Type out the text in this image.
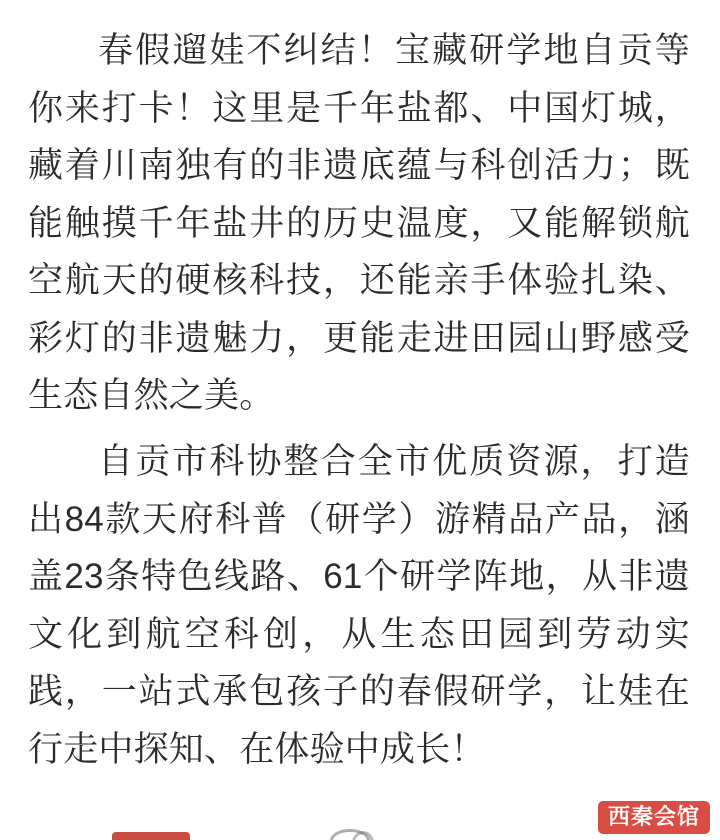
春假遛娃不纠结！宝藏研学地自贡等你来打卡！这里是千年盐都、中国灯城，藏着川南独有的非遗底蕴与科创活力；既能触摸千年盐井的历史温度，又能解锁航空航天的硬核科技，还能亲手体验扎染、彩灯的非遗魅力，更能走进田园山野感受生态自然之美。

自贡市科协整合全市优质资源，打造出84款天府科普（研学）游精品产品，涵盖23条特色线路、61个研学阵地，从非遗文化到航空科创，从生态田园到劳动实践，一站式承包孩子的春假研学，让娃在行走中探知、在体验中成长！

西秦会馆
